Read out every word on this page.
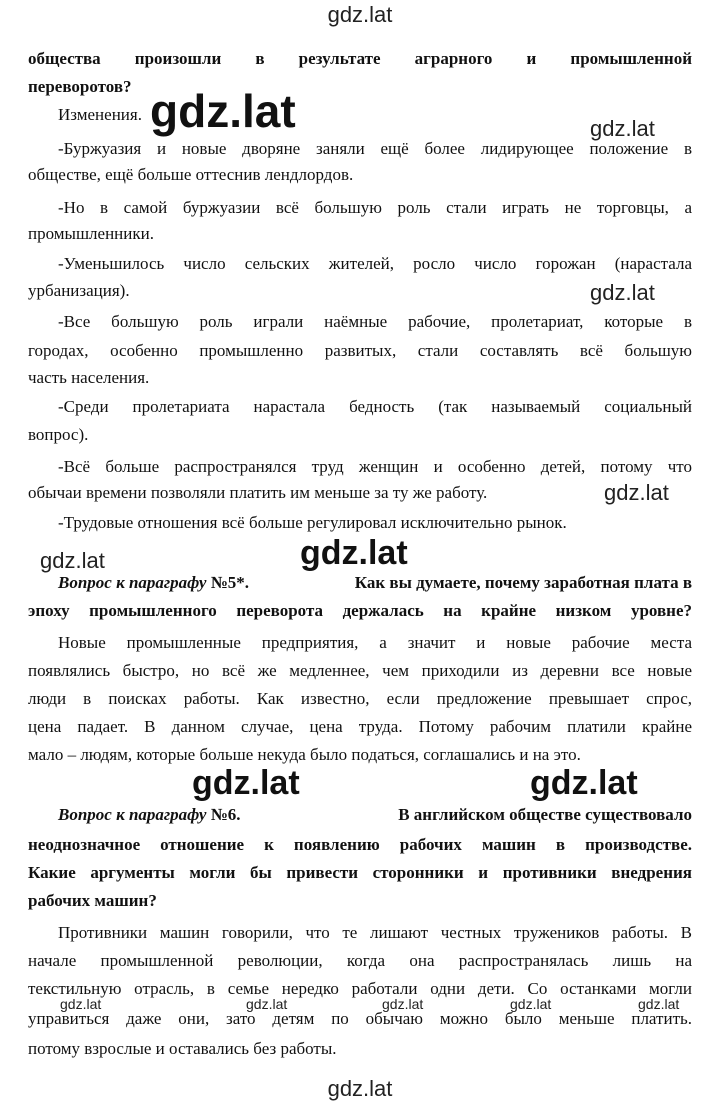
gdz.lat
gdz.lat	gdz.lat
gdz.lat
gdz.lat
gdz.lat	gdz.lat
gdz.lat	gdz.lat
gdz.lat	gdz.lat	gdz.lat	gdz.lat	gdz.lat
gdz.lat
общества произошли в результате аграрного и промышленной
переворотов?
Изменения.
-Буржуазия и новые дворяне заняли ещё более лидирующее положение в
обществе, ещё больше оттеснив лендлордов.
-Но в самой буржуазии всё большую роль стали играть не торговцы, а
промышленники.
-Уменьшилось число сельских жителей, росло число горожан (нарастала
урбанизация).
-Все большую роль играли наёмные рабочие, пролетариат, которые в
городах, особенно промышленно развитых, стали составлять всё большую
часть населения.
-Среди пролетариата нарастала бедность (так называемый социальный
вопрос).
-Всё больше распространялся труд женщин и особенно детей, потому что
обычаи времени позволяли платить им меньше за ту же работу.
-Трудовые отношения всё больше регулировал исключительно рынок.
Вопрос к параграфу №5*.	Как вы думаете, почему заработная плата в
эпоху промышленного переворота держалась на крайне низком уровне?
Новые промышленные предприятия, а значит и новые рабочие места
появлялись быстро, но всё же медленнее, чем приходили из деревни все новые
люди в поисках работы. Как известно, если предложение превышает спрос,
цена падает. В данном случае, цена труда. Потому рабочим платили крайне
мало – людям, которые больше некуда было податься, соглашались и на это.
Вопрос к параграфу №6.	В английском обществе существовало
неоднозначное отношение к появлению рабочих машин в производстве.
Какие аргументы могли бы привести сторонники и противники внедрения
рабочих машин?
Противники машин говорили, что те лишают честных тружеников работы. В
начале промышленной революции, когда она распространялась лишь на
текстильную отрасль, в семье нередко работали одни дети. Со останками могли
управиться даже они, зато детям по обычаю можно было меньше платить.
потому взрослые и оставались без работы.
